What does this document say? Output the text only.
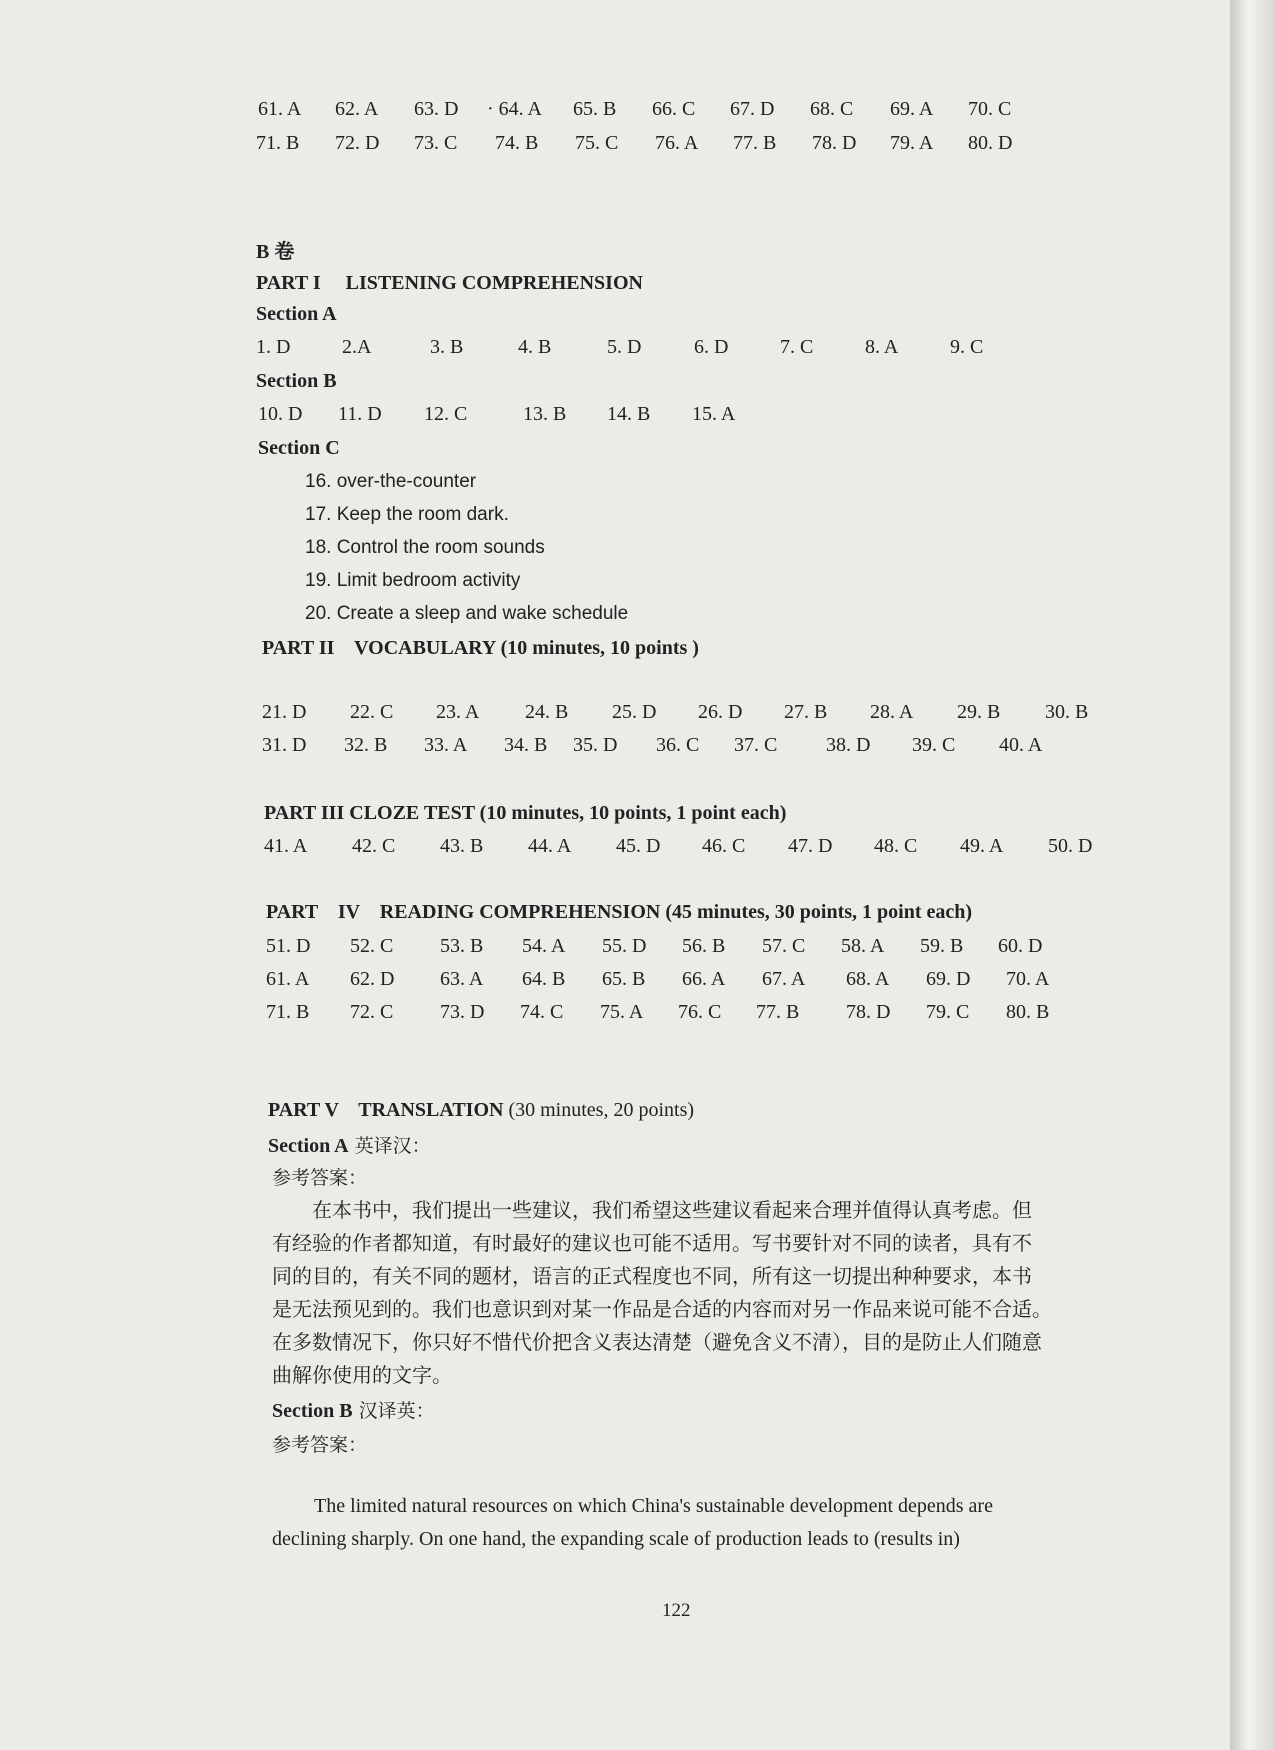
61. A 62. A 63. D · 64. A 65. B 66. C 67. D 68. C 69. A 70. C
71. B 72. D 73. C 74. B 75. C 76. A 77. B 78. D 79. A 80. D
B 卷
PART I     LISTENING COMPREHENSION
Section A
1. D	2.A	3. B	4. B	5. D	6. D	7. C	8. A	9. C
Section B
10. D 11. D 12. C	13. B 14. B 15. A
Section C
16. over-the-counter
17. Keep the room dark.
18. Control the room sounds
19. Limit bedroom activity
20. Create a sleep and wake schedule
PART II    VOCABULARY (10 minutes, 10 points )
21. D 22. C 23. A 24. B 25. D 26. D 27. B 28. A 29. B 30. B
31. D 32. B 33. A 34. B 35. D 36. C 37. C 38. D 39. C 40. A
PART III CLOZE TEST (10 minutes, 10 points, 1 point each)
41. A 42. C 43. B 44. A 45. D 46. C 47. D 48. C 49. A 50. D
PART    IV    READING COMPREHENSION (45 minutes, 30 points, 1 point each)
51. D 52. C 53. B 54. A 55. D 56. B 57. C 58. A 59. B 60. D
61. A 62. D 63. A 64. B 65. B 66. A 67. A 68. A 69. D 70. A
71. B 72. C 73. D 74. C 75. A 76. C 77. B 78. D 79. C 80. B
PART V    TRANSLATION (30 minutes, 20 points)
Section A 英译汉：
参考答案：
　　在本书中，我们提出一些建议，我们希望这些建议看起来合理并值得认真考虑。但
有经验的作者都知道，有时最好的建议也可能不适用。写书要针对不同的读者，具有不
同的目的，有关不同的题材，语言的正式程度也不同，所有这一切提出种种要求，本书
是无法预见到的。我们也意识到对某一作品是合适的内容而对另一作品来说可能不合适。
在多数情况下，你只好不惜代价把含义表达清楚（避免含义不清），目的是防止人们随意
曲解你使用的文字。
Section B 汉译英：
参考答案：
The limited natural resources on which China's sustainable development depends are
declining sharply. On one hand, the expanding scale of production leads to (results in)
122
